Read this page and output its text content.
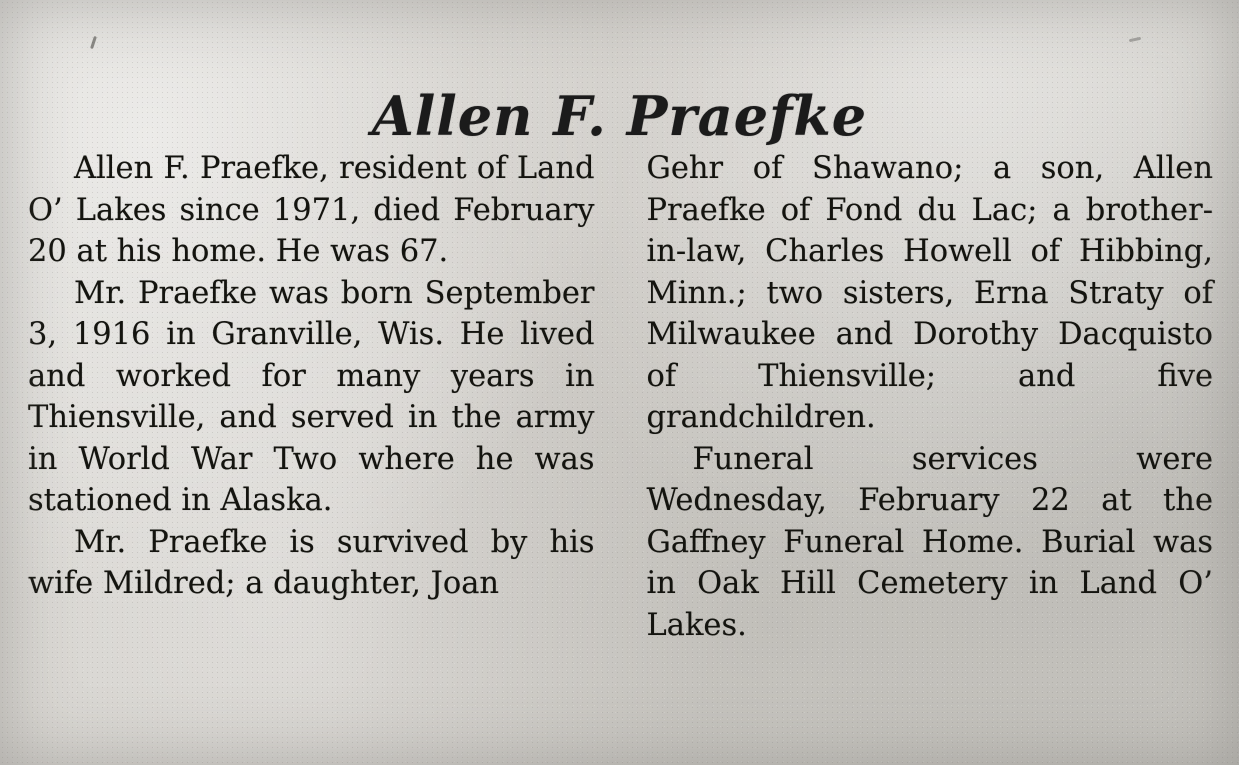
Allen F. Praefke

Allen F. Praefke, resident of Land O’ Lakes since 1971, died February 20 at his home. He was 67.

Mr. Praefke was born September 3, 1916 in Granville, Wis. He lived and worked for many years in Thiensville, and served in the army in World War Two where he was stationed in Alaska.

Mr. Praefke is survived by his wife Mildred; a daughter, Joan

Gehr of Shawano; a son, Allen Praefke of Fond du Lac; a brother-in-law, Charles Howell of Hibbing, Minn.; two sisters, Erna Straty of Milwaukee and Dorothy Dacquisto of Thiensville; and five grandchildren.

Funeral services were Wednesday, February 22 at the Gaffney Funeral Home. Burial was in Oak Hill Cemetery in Land O’ Lakes.
